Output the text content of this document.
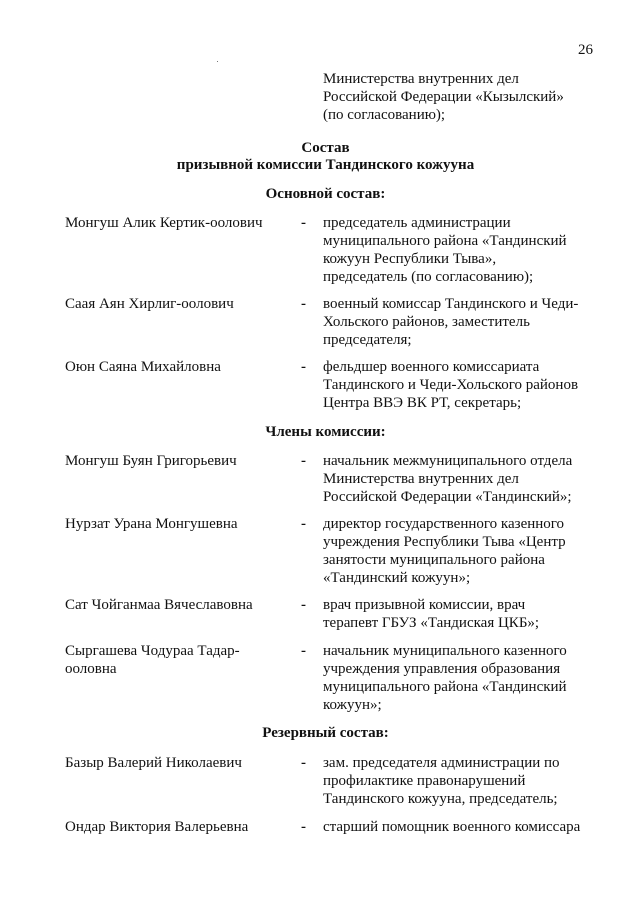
26
Министерства внутренних дел
Российской Федерации «Кызылский»
(по согласованию);
Состав
призывной комиссии Тандинского кожууна
Основной состав:
Монгуш Алик Кертик-оолович	- председатель администрации
муниципального района «Тандинский
кожуун Республики Тыва»,
председатель (по согласованию);
Саая Аян Хирлиг-оолович	- военный комиссар Тандинского и Чеди-
Хольского районов, заместитель
председателя;
Оюн Саяна Михайловна	- фельдшер военного комиссариата
Тандинского и Чеди-Хольского районов
Центра ВВЭ ВК РТ, секретарь;
Члены комиссии:
Монгуш Буян Григорьевич	- начальник межмуниципального отдела
Министерства внутренних дел
Российской Федерации «Тандинский»;
Нурзат Урана Монгушевна	- директор государственного казенного
учреждения Республики Тыва «Центр
занятости муниципального района
«Тандинский кожуун»;
Сат Чойганмаа Вячеславовна	- врач призывной комиссии, врач
терапевт ГБУЗ «Тандиская ЦКБ»;
Сыргашева Чодураа Тадар-
ооловна
- начальник муниципального казенного
учреждения управления образования
муниципального района «Тандинский
кожуун»;
Резервный состав:
Базыр Валерий Николаевич	- зам. председателя администрации по
профилактике правонарушений
Тандинского кожууна, председатель;
Ондар Виктория Валерьевна	- старший помощник военного комиссара
